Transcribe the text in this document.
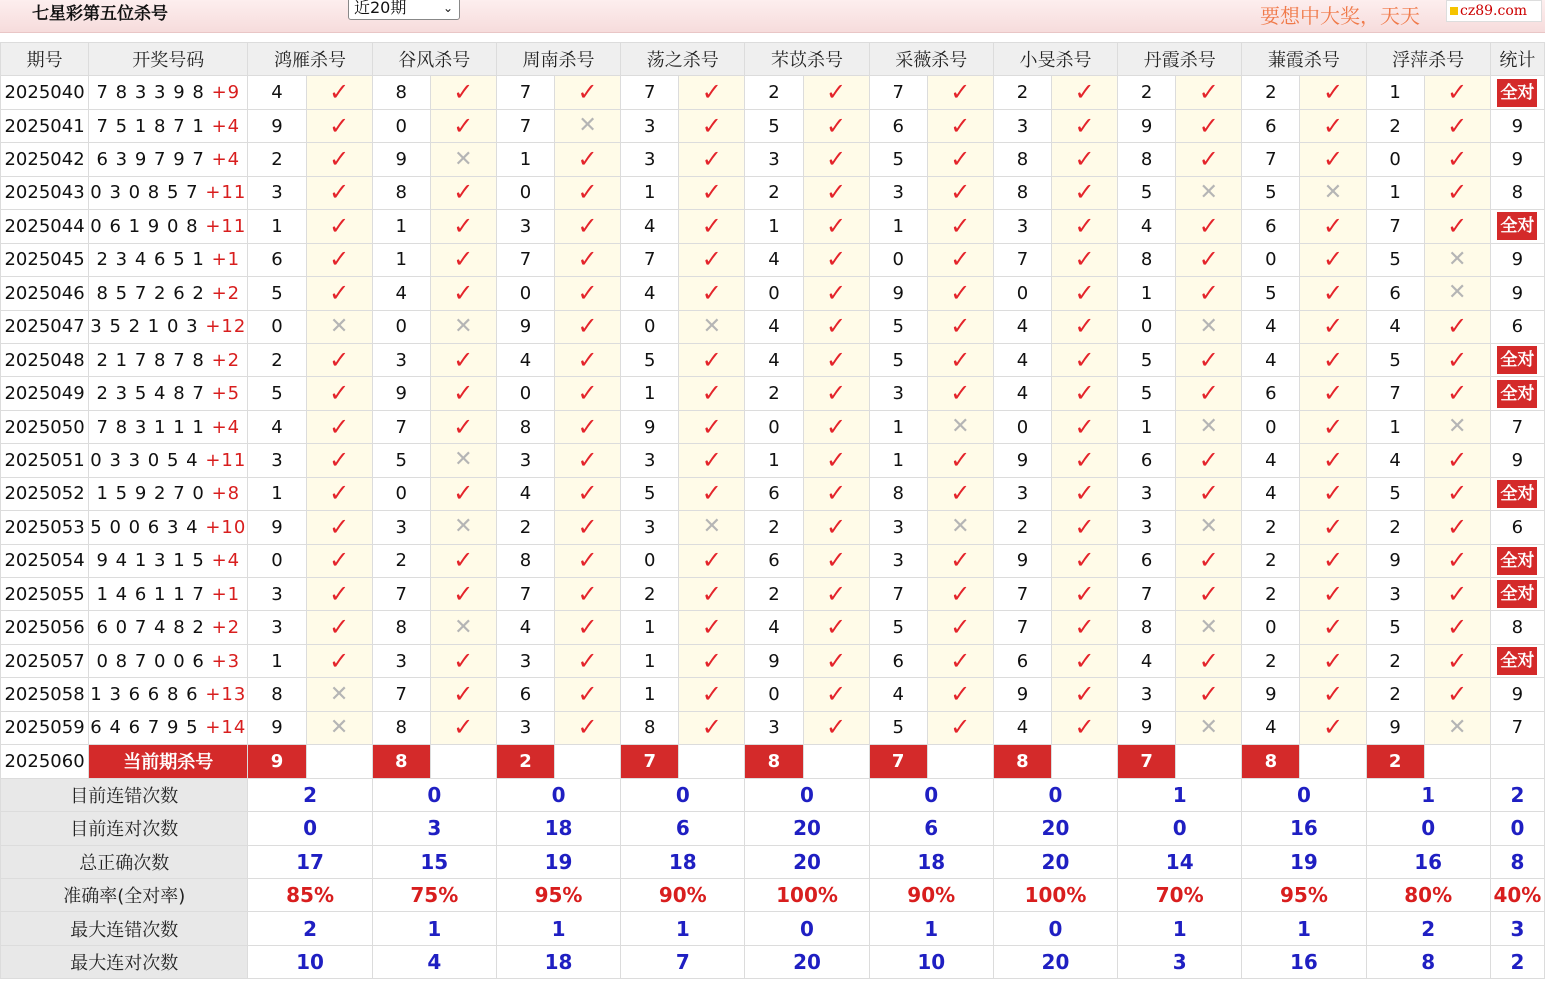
七星彩第五位杀号	近20期	⌄	要想中大奖，天天	cz89.com
期号	开奖号码	鸿雁杀号		谷风杀号		周南杀号		荡之杀号		芣苡杀号		采薇杀号		小旻杀号		丹霞杀号		蒹霞杀号		浮萍杀号		统计
2025040	7 8 3 3 9 8 +9	4	✓	8	✓	7	✓	7	✓	2	✓	7	✓	2	✓	2	✓	2	✓	1	✓	全对
2025041	7 5 1 8 7 1 +4	9	✓	0	✓	7	✕	3	✓	5	✓	6	✓	3	✓	9	✓	6	✓	2	✓	9
2025042	6 3 9 7 9 7 +4	2	✓	9	✕	1	✓	3	✓	3	✓	5	✓	8	✓	8	✓	7	✓	0	✓	9
2025043	0 3 0 8 5 7 +11	3	✓	8	✓	0	✓	1	✓	2	✓	3	✓	8	✓	5	✕	5	✕	1	✓	8
2025044	0 6 1 9 0 8 +11	1	✓	1	✓	3	✓	4	✓	1	✓	1	✓	3	✓	4	✓	6	✓	7	✓	全对
2025045	2 3 4 6 5 1 +1	6	✓	1	✓	7	✓	7	✓	4	✓	0	✓	7	✓	8	✓	0	✓	5	✕	9
2025046	8 5 7 2 6 2 +2	5	✓	4	✓	0	✓	4	✓	0	✓	9	✓	0	✓	1	✓	5	✓	6	✕	9
2025047	3 5 2 1 0 3 +12	0	✕	0	✕	9	✓	0	✕	4	✓	5	✓	4	✓	0	✕	4	✓	4	✓	6
2025048	2 1 7 8 7 8 +2	2	✓	3	✓	4	✓	5	✓	4	✓	5	✓	4	✓	5	✓	4	✓	5	✓	全对
2025049	2 3 5 4 8 7 +5	5	✓	9	✓	0	✓	1	✓	2	✓	3	✓	4	✓	5	✓	6	✓	7	✓	全对
2025050	7 8 3 1 1 1 +4	4	✓	7	✓	8	✓	9	✓	0	✓	1	✕	0	✓	1	✕	0	✓	1	✕	7
2025051	0 3 3 0 5 4 +11	3	✓	5	✕	3	✓	3	✓	1	✓	1	✓	9	✓	6	✓	4	✓	4	✓	9
2025052	1 5 9 2 7 0 +8	1	✓	0	✓	4	✓	5	✓	6	✓	8	✓	3	✓	3	✓	4	✓	5	✓	全对
2025053	5 0 0 6 3 4 +10	9	✓	3	✕	2	✓	3	✕	2	✓	3	✕	2	✓	3	✕	2	✓	2	✓	6
2025054	9 4 1 3 1 5 +4	0	✓	2	✓	8	✓	0	✓	6	✓	3	✓	9	✓	6	✓	2	✓	9	✓	全对
2025055	1 4 6 1 1 7 +1	3	✓	7	✓	7	✓	2	✓	2	✓	7	✓	7	✓	7	✓	2	✓	3	✓	全对
2025056	6 0 7 4 8 2 +2	3	✓	8	✕	4	✓	1	✓	4	✓	5	✓	7	✓	8	✕	0	✓	5	✓	8
2025057	0 8 7 0 0 6 +3	1	✓	3	✓	3	✓	1	✓	9	✓	6	✓	6	✓	4	✓	2	✓	2	✓	全对
2025058	1 3 6 6 8 6 +13	8	✕	7	✓	6	✓	1	✓	0	✓	4	✓	9	✓	3	✓	9	✓	2	✓	9
2025059	6 4 6 7 9 5 +14	9	✕	8	✓	3	✓	8	✓	3	✓	5	✓	4	✓	9	✕	4	✓	9	✕	7
2025060	当前期杀号	9		8		2		7		8		7		8		7		8		2		
目前连错次数		2		0		0		0		0		0		0		1		0		1		2
目前连对次数		0		3		18		6		20		6		20		0		16		0		0
总正确次数		17		15		19		18		20		18		20		14		19		16		8
准确率(全对率)		85%		75%		95%		90%		100%		90%		100%		70%		95%		80%		40%
最大连错次数		2		1		1		1		0		1		0		1		1		2		3
最大连对次数		10		4		18		7		20		10		20		3		16		8		2
